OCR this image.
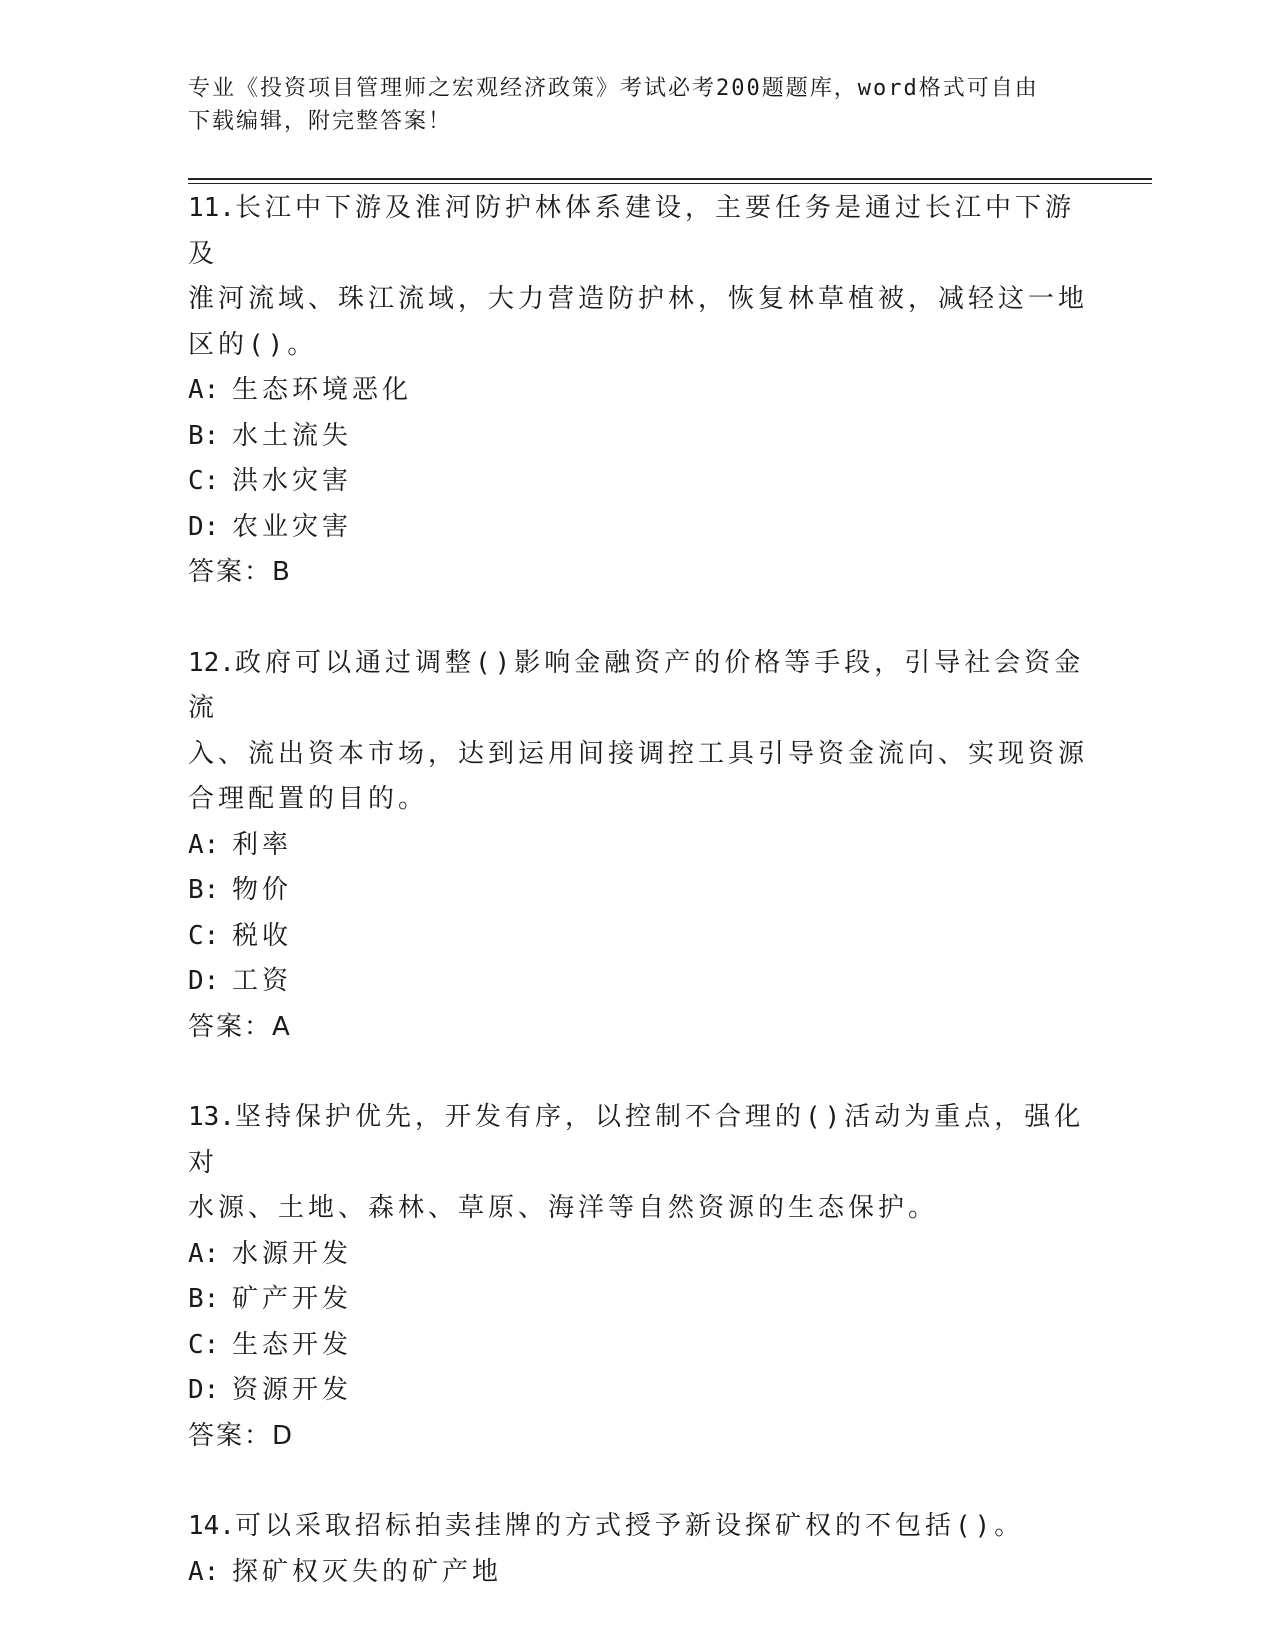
专业《投资项目管理师之宏观经济政策》考试必考200题题库，word格式可自由
下载编辑，附完整答案！
11.长江中下游及淮河防护林体系建设，主要任务是通过长江中下游及
淮河流域、珠江流域，大力营造防护林，恢复林草植被，减轻这一地
区的()。
A: 生态环境恶化
B: 水土流失
C: 洪水灾害
D: 农业灾害
答案：B
12.政府可以通过调整()影响金融资产的价格等手段，引导社会资金流
入、流出资本市场，达到运用间接调控工具引导资金流向、实现资源
合理配置的目的。
A: 利率
B: 物价
C: 税收
D: 工资
答案：A
13.坚持保护优先，开发有序，以控制不合理的()活动为重点，强化对
水源、土地、森林、草原、海洋等自然资源的生态保护。
A: 水源开发
B: 矿产开发
C: 生态开发
D: 资源开发
答案：D
14.可以采取招标拍卖挂牌的方式授予新设探矿权的不包括()。
A: 探矿权灭失的矿产地
